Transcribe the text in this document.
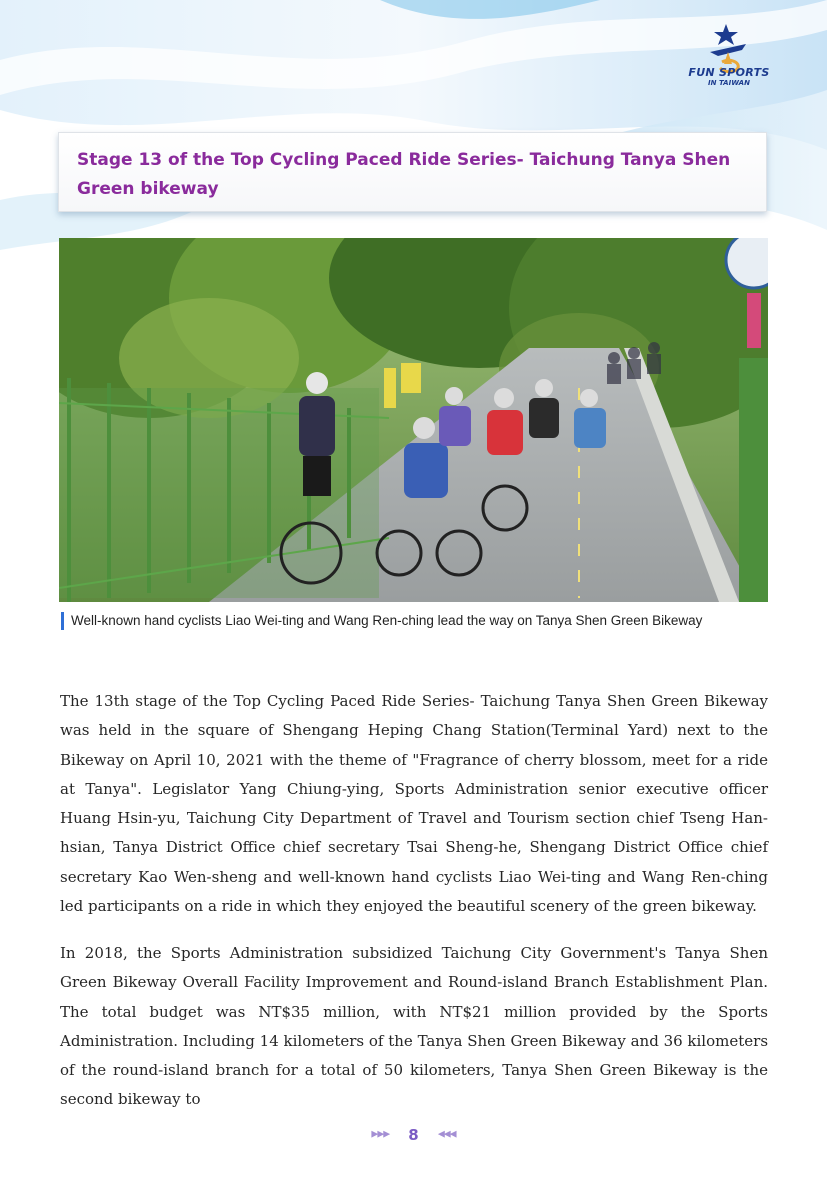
FUN SPORTS
IN TAIWAN
Stage 13 of the Top Cycling Paced Ride Series- Taichung Tanya Shen Green bikeway
Well-known hand cyclists Liao Wei-ting and Wang Ren-ching lead the way on Tanya Shen Green Bikeway

The 13th stage of the Top Cycling Paced Ride Series- Taichung Tanya Shen Green Bikeway was held in the square of Shengang Heping Chang Station(Terminal Yard) next to the Bikeway on April 10, 2021 with the theme of "Fragrance of cherry blossom, meet for a ride at Tanya". Legislator Yang Chiung-ying, Sports Administration senior executive officer Huang Hsin-yu, Taichung City Department of Travel and Tourism section chief Tseng Han-hsian, Tanya District Office chief secretary Tsai Sheng-he, Shengang District Office chief secretary Kao Wen-sheng and well-known hand cyclists Liao Wei-ting and Wang Ren-ching led participants on a ride in which they enjoyed the beautiful scenery of the green bikeway.

In 2018, the Sports Administration subsidized Taichung City Government's Tanya Shen Green Bikeway Overall Facility Improvement and Round-island Branch Establishment Plan. The total budget was NT$35 million, with NT$21 million provided by the Sports Administration. Including 14 kilometers of the Tanya Shen Green Bikeway and 36 kilometers of the round-island branch for a total of 50 kilometers, Tanya Shen Green Bikeway is the second bikeway to

▶▶▶ 8 ◀◀◀
